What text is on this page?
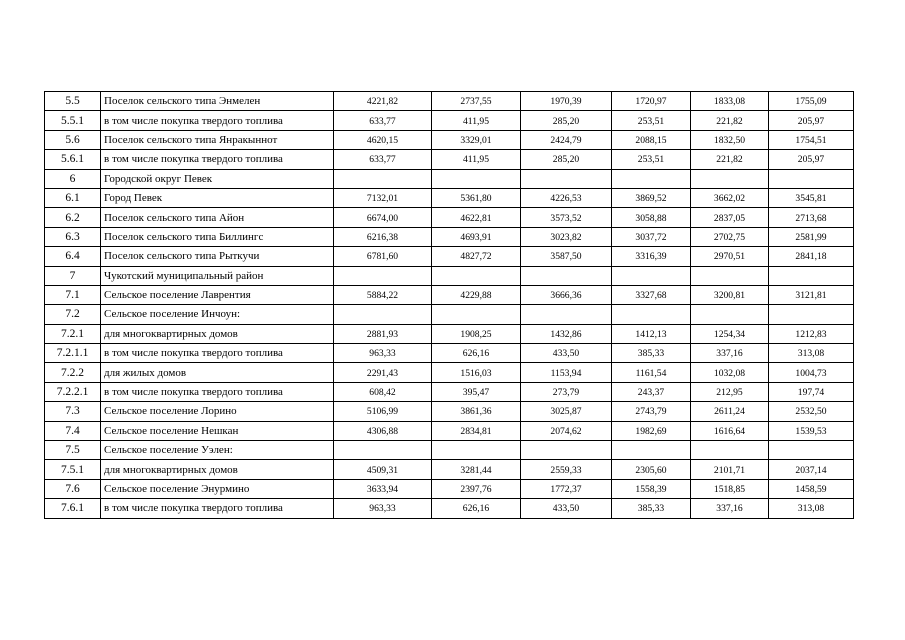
5.5	Поселок сельского типа Энмелен	4221,82	2737,55	1970,39	1720,97	1833,08	1755,09
5.5.1	в том числе покупка твердого топлива	633,77	411,95	285,20	253,51	221,82	205,97
5.6	Поселок сельского типа Янракыннот	4620,15	3329,01	2424,79	2088,15	1832,50	1754,51
5.6.1	в том числе покупка твердого топлива	633,77	411,95	285,20	253,51	221,82	205,97
6	Городской округ Певек						
6.1	Город Певек	7132,01	5361,80	4226,53	3869,52	3662,02	3545,81
6.2	Поселок сельского типа Айон	6674,00	4622,81	3573,52	3058,88	2837,05	2713,68
6.3	Поселок сельского типа Биллингс	6216,38	4693,91	3023,82	3037,72	2702,75	2581,99
6.4	Поселок сельского типа Рыткучи	6781,60	4827,72	3587,50	3316,39	2970,51	2841,18
7	Чукотский муниципальный район						
7.1	Сельское поселение Лаврентия	5884,22	4229,88	3666,36	3327,68	3200,81	3121,81
7.2	Сельское поселение Инчоун:						
7.2.1	для многоквартирных домов	2881,93	1908,25	1432,86	1412,13	1254,34	1212,83
7.2.1.1	в том числе покупка твердого топлива	963,33	626,16	433,50	385,33	337,16	313,08
7.2.2	для жилых домов	2291,43	1516,03	1153,94	1161,54	1032,08	1004,73
7.2.2.1	в том числе покупка твердого топлива	608,42	395,47	273,79	243,37	212,95	197,74
7.3	Сельское поселение Лорино	5106,99	3861,36	3025,87	2743,79	2611,24	2532,50
7.4	Сельское поселение Нешкан	4306,88	2834,81	2074,62	1982,69	1616,64	1539,53
7.5	Сельское поселение Уэлен:						
7.5.1	для многоквартирных домов	4509,31	3281,44	2559,33	2305,60	2101,71	2037,14
7.6	Сельское поселение Энурмино	3633,94	2397,76	1772,37	1558,39	1518,85	1458,59
7.6.1	в том числе покупка твердого топлива	963,33	626,16	433,50	385,33	337,16	313,08
